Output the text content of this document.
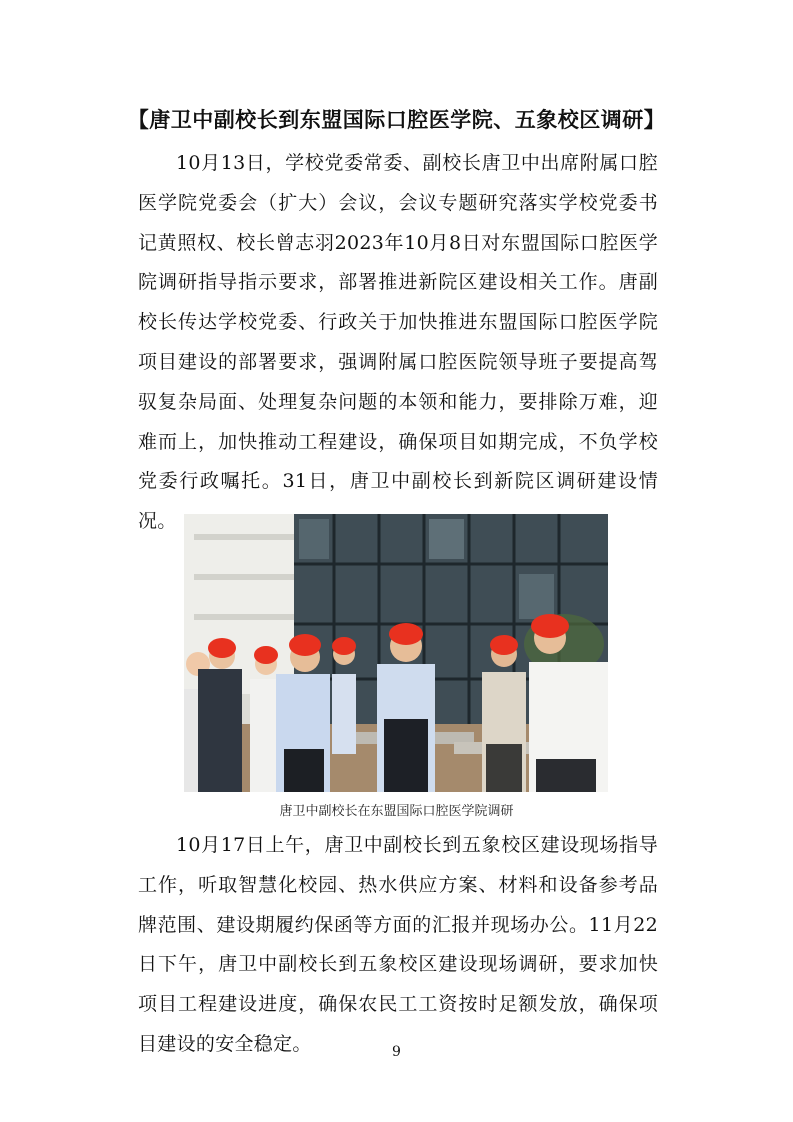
【唐卫中副校长到东盟国际口腔医学院、五象校区调研】

10月13日，学校党委常委、副校长唐卫中出席附属口腔医学院党委会（扩大）会议，会议专题研究落实学校党委书记黄照权、校长曾志羽2023年10月8日对东盟国际口腔医学院调研指导指示要求，部署推进新院区建设相关工作。唐副校长传达学校党委、行政关于加快推进东盟国际口腔医学院项目建设的部署要求，强调附属口腔医院领导班子要提高驾驭复杂局面、处理复杂问题的本领和能力，要排除万难，迎难而上，加快推动工程建设，确保项目如期完成，不负学校党委行政嘱托。31日，唐卫中副校长到新院区调研建设情况。

唐卫中副校长在东盟国际口腔医学院调研

10月17日上午，唐卫中副校长到五象校区建设现场指导工作，听取智慧化校园、热水供应方案、材料和设备参考品牌范围、建设期履约保函等方面的汇报并现场办公。11月22日下午，唐卫中副校长到五象校区建设现场调研，要求加快项目工程建设进度，确保农民工工资按时足额发放，确保项目建设的安全稳定。	9
